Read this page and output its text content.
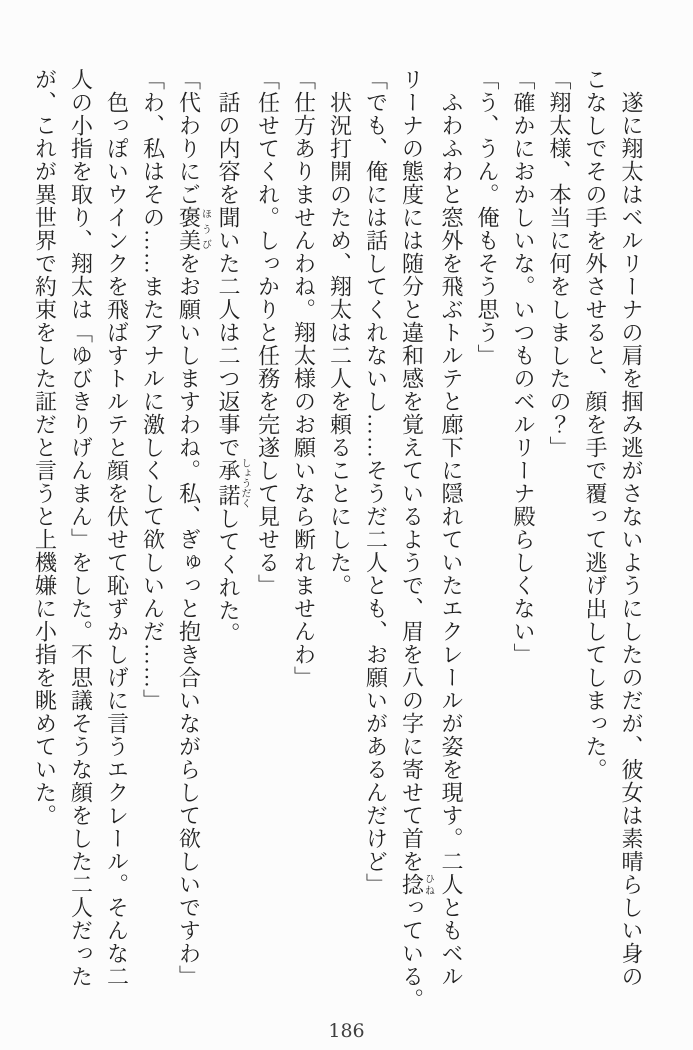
　遂に翔太はベルリーナの肩を掴み逃がさないようにしたのだが、彼女は素晴らしい身の
こなしでその手を外させると、顔を手で覆って逃げ出してしまった。
「翔太様、本当に何をしましたの？」
「確かにおかしいな。いつものベルリーナ殿らしくない」
「う、うん。俺もそう思う」
　ふわふわと窓外を飛ぶトルテと廊下に隠れていたエクレールが姿を現す。二人ともベル
リーナの態度には随分と違和感を覚えているようで、眉を八の字に寄せて首を捻ひねっている。
「でも、俺には話してくれないし……そうだ二人とも、お願いがあるんだけど」
　状況打開のため、翔太は二人を頼ることにした。
「仕方ありませんわね。翔太様のお願いなら断れませんわ」
「任せてくれ。しっかりと任務を完遂して見せる」
　話の内容を聞いた二人は二つ返事で承諾しょうだくしてくれた。
「代わりにご褒美ほうびをお願いしますわね。私、ぎゅっと抱き合いながらして欲しいですわ」
「わ、私はその……またアナルに激しくして欲しいんだ……」
　色っぽいウインクを飛ばすトルテと顔を伏せて恥ずかしげに言うエクレール。そんな二
人の小指を取り、翔太は「ゆびきりげんまん」をした。不思議そうな顔をした二人だった
が、これが異世界で約束をした証だと言うと上機嫌に小指を眺めていた。
186
